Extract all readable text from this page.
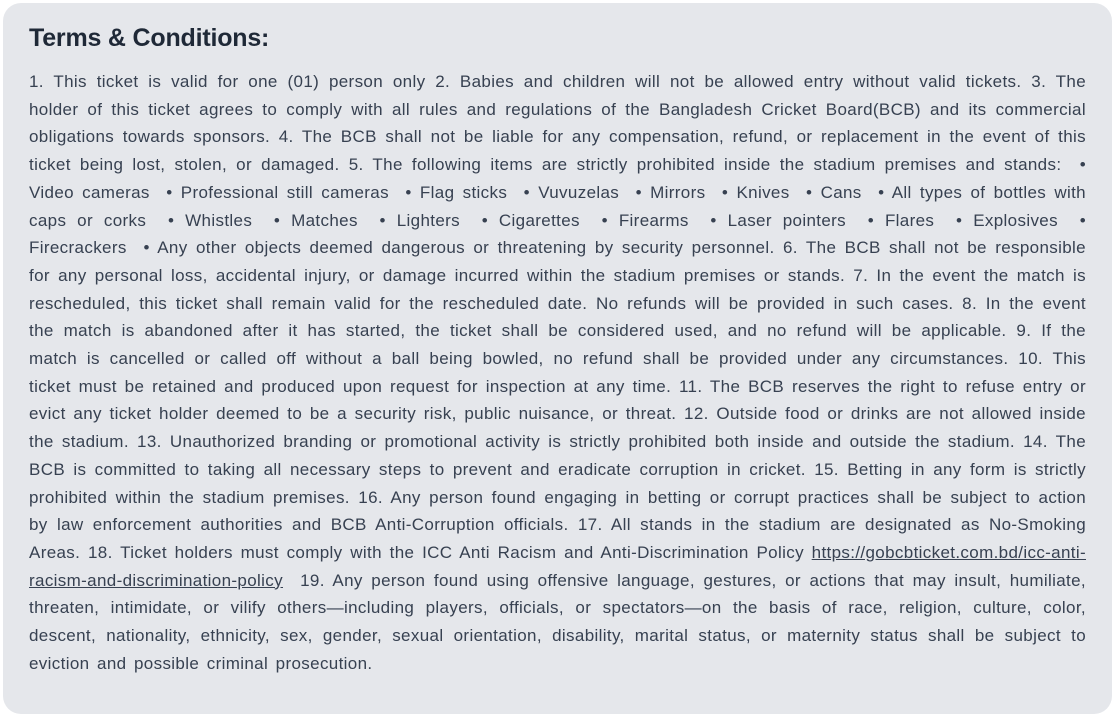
Terms & Conditions:

1. This ticket is valid for one (01) person only 2. Babies and children will not be allowed entry without valid tickets. 3. The holder of this ticket agrees to comply with all rules and regulations of the Bangladesh Cricket Board(BCB) and its commercial obligations towards sponsors. 4. The BCB shall not be liable for any compensation, refund, or replacement in the event of this ticket being lost, stolen, or damaged. 5. The following items are strictly prohibited inside the stadium premises and stands:  • Video cameras  • Professional still cameras  • Flag sticks  • Vuvuzelas  • Mirrors  • Knives  • Cans  • All types of bottles with caps or corks  • Whistles  • Matches  • Lighters  • Cigarettes  • Firearms  • Laser pointers  • Flares  • Explosives  • Firecrackers  • Any other objects deemed dangerous or threatening by security personnel. 6. The BCB shall not be responsible for any personal loss, accidental injury, or damage incurred within the stadium premises or stands. 7. In the event the match is rescheduled, this ticket shall remain valid for the rescheduled date. No refunds will be provided in such cases. 8. In the event the match is abandoned after it has started, the ticket shall be considered used, and no refund will be applicable. 9. If the match is cancelled or called off without a ball being bowled, no refund shall be provided under any circumstances. 10. This ticket must be retained and produced upon request for inspection at any time. 11. The BCB reserves the right to refuse entry or evict any ticket holder deemed to be a security risk, public nuisance, or threat. 12. Outside food or drinks are not allowed inside the stadium. 13. Unauthorized branding or promotional activity is strictly prohibited both inside and outside the stadium. 14. The BCB is committed to taking all necessary steps to prevent and eradicate corruption in cricket. 15. Betting in any form is strictly prohibited within the stadium premises. 16. Any person found engaging in betting or corrupt practices shall be subject to action by law enforcement authorities and BCB Anti-Corruption officials. 17. All stands in the stadium are designated as No-Smoking Areas. 18. Ticket holders must comply with the ICC Anti Racism and Anti-Discrimination Policy https://gobcbticket.com.bd/icc-anti-racism-and-discrimination-policy  19. Any person found using offensive language, gestures, or actions that may insult, humiliate, threaten, intimidate, or vilify others—including players, officials, or spectators—on the basis of race, religion, culture, color, descent, nationality, ethnicity, sex, gender, sexual orientation, disability, marital status, or maternity status shall be subject to eviction and possible criminal prosecution.
